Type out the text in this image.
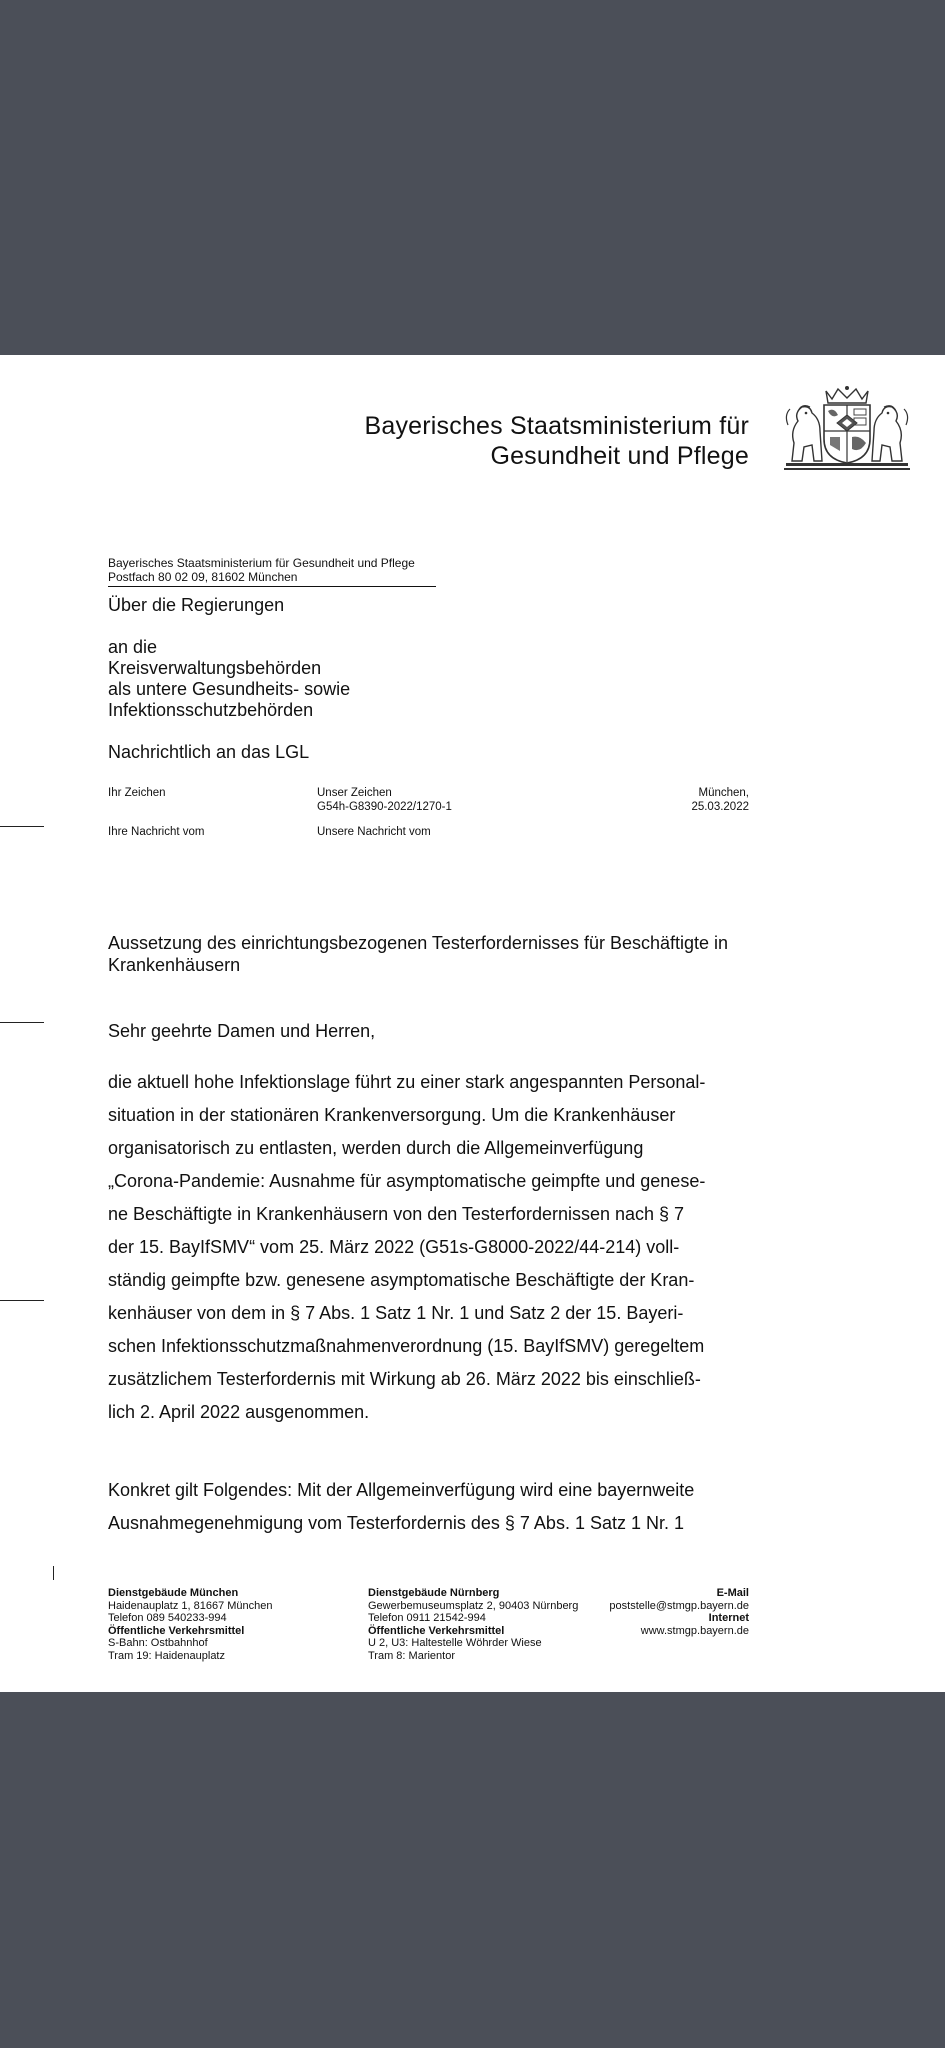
Bayerisches Staatsministerium für
Gesundheit und Pflege
Bayerisches Staatsministerium für Gesundheit und Pflege
Postfach 80 02 09, 81602 München
Über die Regierungen
an die
Kreisverwaltungsbehörden
als untere Gesundheits- sowie
Infektionsschutzbehörden
Nachrichtlich an das LGL
Ihr Zeichen	Unser Zeichen
G54h-G8390-2022/1270-1
München,
25.03.2022
Ihre Nachricht vom	Unsere Nachricht vom
Aussetzung des einrichtungsbezogenen Testerfordernisses für Beschäftigte in Krankenhäusern
Sehr geehrte Damen und Herren,
die aktuell hohe Infektionslage führt zu einer stark angespannten Personal-
situation in der stationären Krankenversorgung. Um die Krankenhäuser
organisatorisch zu entlasten, werden durch die Allgemeinverfügung
„Corona-Pandemie: Ausnahme für asymptomatische geimpfte und genese-
ne Beschäftigte in Krankenhäusern von den Testerfordernissen nach § 7
der 15. BayIfSMV“ vom 25. März 2022 (G51s-G8000-2022/44-214) voll-
ständig geimpfte bzw. genesene asymptomatische Beschäftigte der Kran-
kenhäuser von dem in § 7 Abs. 1 Satz 1 Nr. 1 und Satz 2 der 15. Bayeri-
schen Infektionsschutzmaßnahmenverordnung (15. BayIfSMV) geregeltem
zusätzlichem Testerfordernis mit Wirkung ab 26. März 2022 bis einschließ-
lich 2. April 2022 ausgenommen.
Konkret gilt Folgendes: Mit der Allgemeinverfügung wird eine bayernweite
Ausnahmegenehmigung vom Testerfordernis des § 7 Abs. 1 Satz 1 Nr. 1
Dienstgebäude München
Haidenauplatz 1, 81667 München
Telefon 089 540233-994
Öffentliche Verkehrsmittel
S-Bahn: Ostbahnhof
Tram 19: Haidenauplatz
Dienstgebäude Nürnberg
Gewerbemuseumsplatz 2, 90403 Nürnberg
Telefon 0911 21542-994
Öffentliche Verkehrsmittel
U 2, U3: Haltestelle Wöhrder Wiese
Tram 8: Marientor
E-Mail
poststelle@stmgp.bayern.de
Internet
www.stmgp.bayern.de
